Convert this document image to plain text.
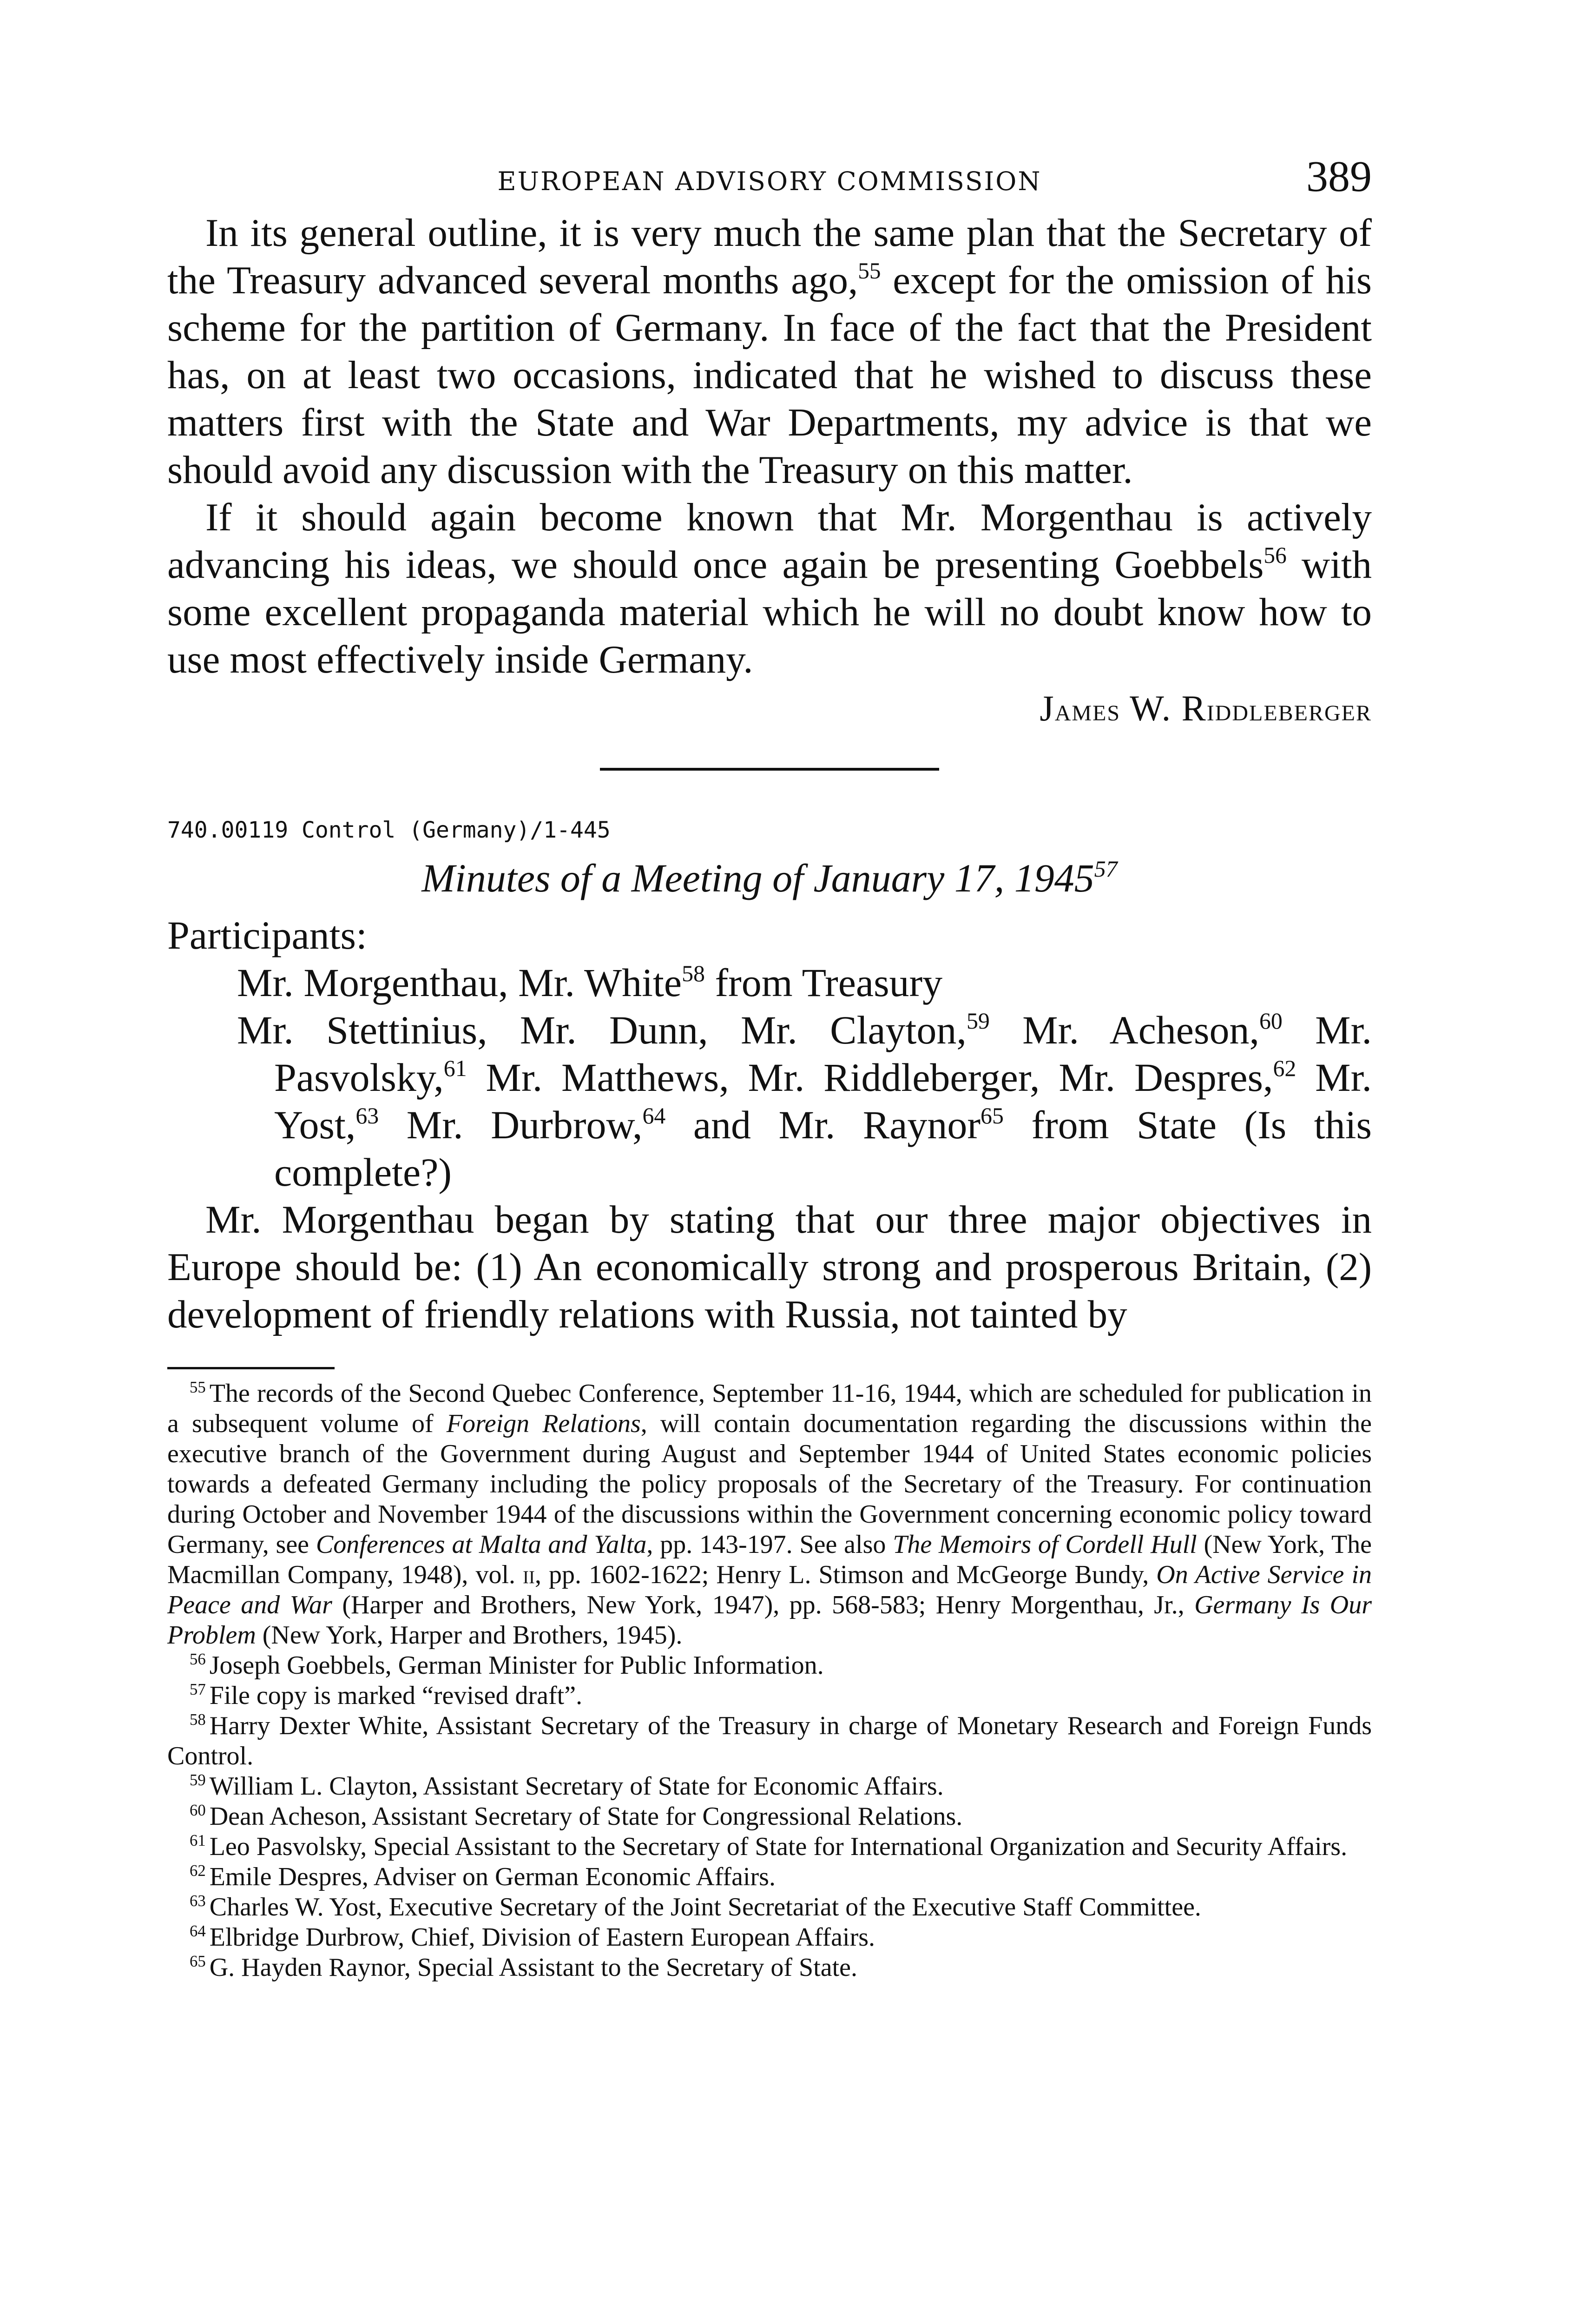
EUROPEAN ADVISORY COMMISSION	389

In its general outline, it is very much the same plan that the Secretary of the Treasury advanced several months ago,$^{55}$ except for the omission of his scheme for the partition of Germany. In face of the fact that the President has, on at least two occasions, indicated that he wished to discuss these matters first with the State and War Departments, my advice is that we should avoid any discussion with the Treasury on this matter.

If it should again become known that Mr. Morgenthau is actively advancing his ideas, we should once again be presenting Goebbels$^{56}$ with some excellent propaganda material which he will no doubt know how to use most effectively inside Germany.

James W. Riddleberger
740.00119 Control (Germany)/1-445
Minutes of a Meeting of January 17, 1945$^{57}$

Participants:

Mr. Morgenthau, Mr. White$^{58}$ from Treasury

Mr. Stettinius, Mr. Dunn, Mr. Clayton,$^{59}$ Mr. Acheson,$^{60}$ Mr. Pasvolsky,$^{61}$ Mr. Matthews, Mr. Riddleberger, Mr. Despres,$^{62}$ Mr. Yost,$^{63}$ Mr. Durbrow,$^{64}$ and Mr. Raynor$^{65}$ from State (Is this complete?)

Mr. Morgenthau began by stating that our three major objectives in Europe should be: (1) An economically strong and prosperous Britain, (2) development of friendly relations with Russia, not tainted by

$^{55}$ The records of the Second Quebec Conference, September 11-16, 1944, which are scheduled for publication in a subsequent volume of Foreign Relations, will contain documentation regarding the discussions within the executive branch of the Government during August and September 1944 of United States economic policies towards a defeated Germany including the policy proposals of the Secretary of the Treasury. For continuation during October and November 1944 of the discussions within the Government concerning economic policy toward Germany, see Conferences at Malta and Yalta, pp. 143-197. See also The Memoirs of Cordell Hull (New York, The Macmillan Company, 1948), vol. ii, pp. 1602-1622; Henry L. Stimson and McGeorge Bundy, On Active Service in Peace and War (Harper and Brothers, New York, 1947), pp. 568-583; Henry Morgenthau, Jr., Germany Is Our Problem (New York, Harper and Brothers, 1945).

$^{56}$ Joseph Goebbels, German Minister for Public Information.

$^{57}$ File copy is marked “revised draft”.

$^{58}$ Harry Dexter White, Assistant Secretary of the Treasury in charge of Monetary Research and Foreign Funds Control.

$^{59}$ William L. Clayton, Assistant Secretary of State for Economic Affairs.

$^{60}$ Dean Acheson, Assistant Secretary of State for Congressional Relations.

$^{61}$ Leo Pasvolsky, Special Assistant to the Secretary of State for International Organization and Security Affairs.

$^{62}$ Emile Despres, Adviser on German Economic Affairs.

$^{63}$ Charles W. Yost, Executive Secretary of the Joint Secretariat of the Executive Staff Committee.

$^{64}$ Elbridge Durbrow, Chief, Division of Eastern European Affairs.

$^{65}$ G. Hayden Raynor, Special Assistant to the Secretary of State.
